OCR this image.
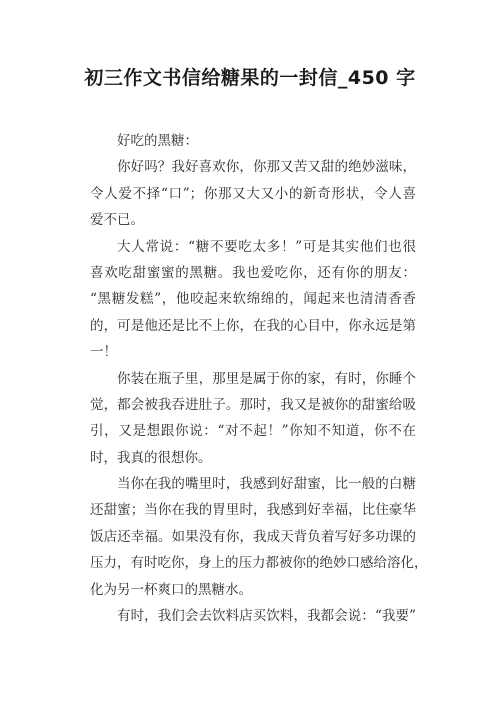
初三作文书信给糖果的一封信_450 字
好吃的黑糖：
你好吗？我好喜欢你，你那又苦又甜的绝妙滋味，
令人爱不择“口”；你那又大又小的新奇形状，令人喜
爱不已。
大人常说：“糖不要吃太多！”可是其实他们也很
喜欢吃甜蜜蜜的黑糖。我也爱吃你，还有你的朋友：
“黑糖发糕”，他咬起来软绵绵的，闻起来也清清香香
的，可是他还是比不上你，在我的心目中，你永远是第
一！
你装在瓶子里，那里是属于你的家，有时，你睡个
觉，都会被我吞进肚子。那时，我又是被你的甜蜜给吸
引，又是想跟你说：“对不起！”你知不知道，你不在
时，我真的很想你。
当你在我的嘴里时，我感到好甜蜜，比一般的白糖
还甜蜜；当你在我的胃里时，我感到好幸福，比住豪华
饭店还幸福。如果没有你，我成天背负着写好多功课的
压力，有时吃你，身上的压力都被你的绝妙口感给溶化，
化为另一杯爽口的黑糖水。
有时，我们会去饮料店买饮料，我都会说：“我要”
